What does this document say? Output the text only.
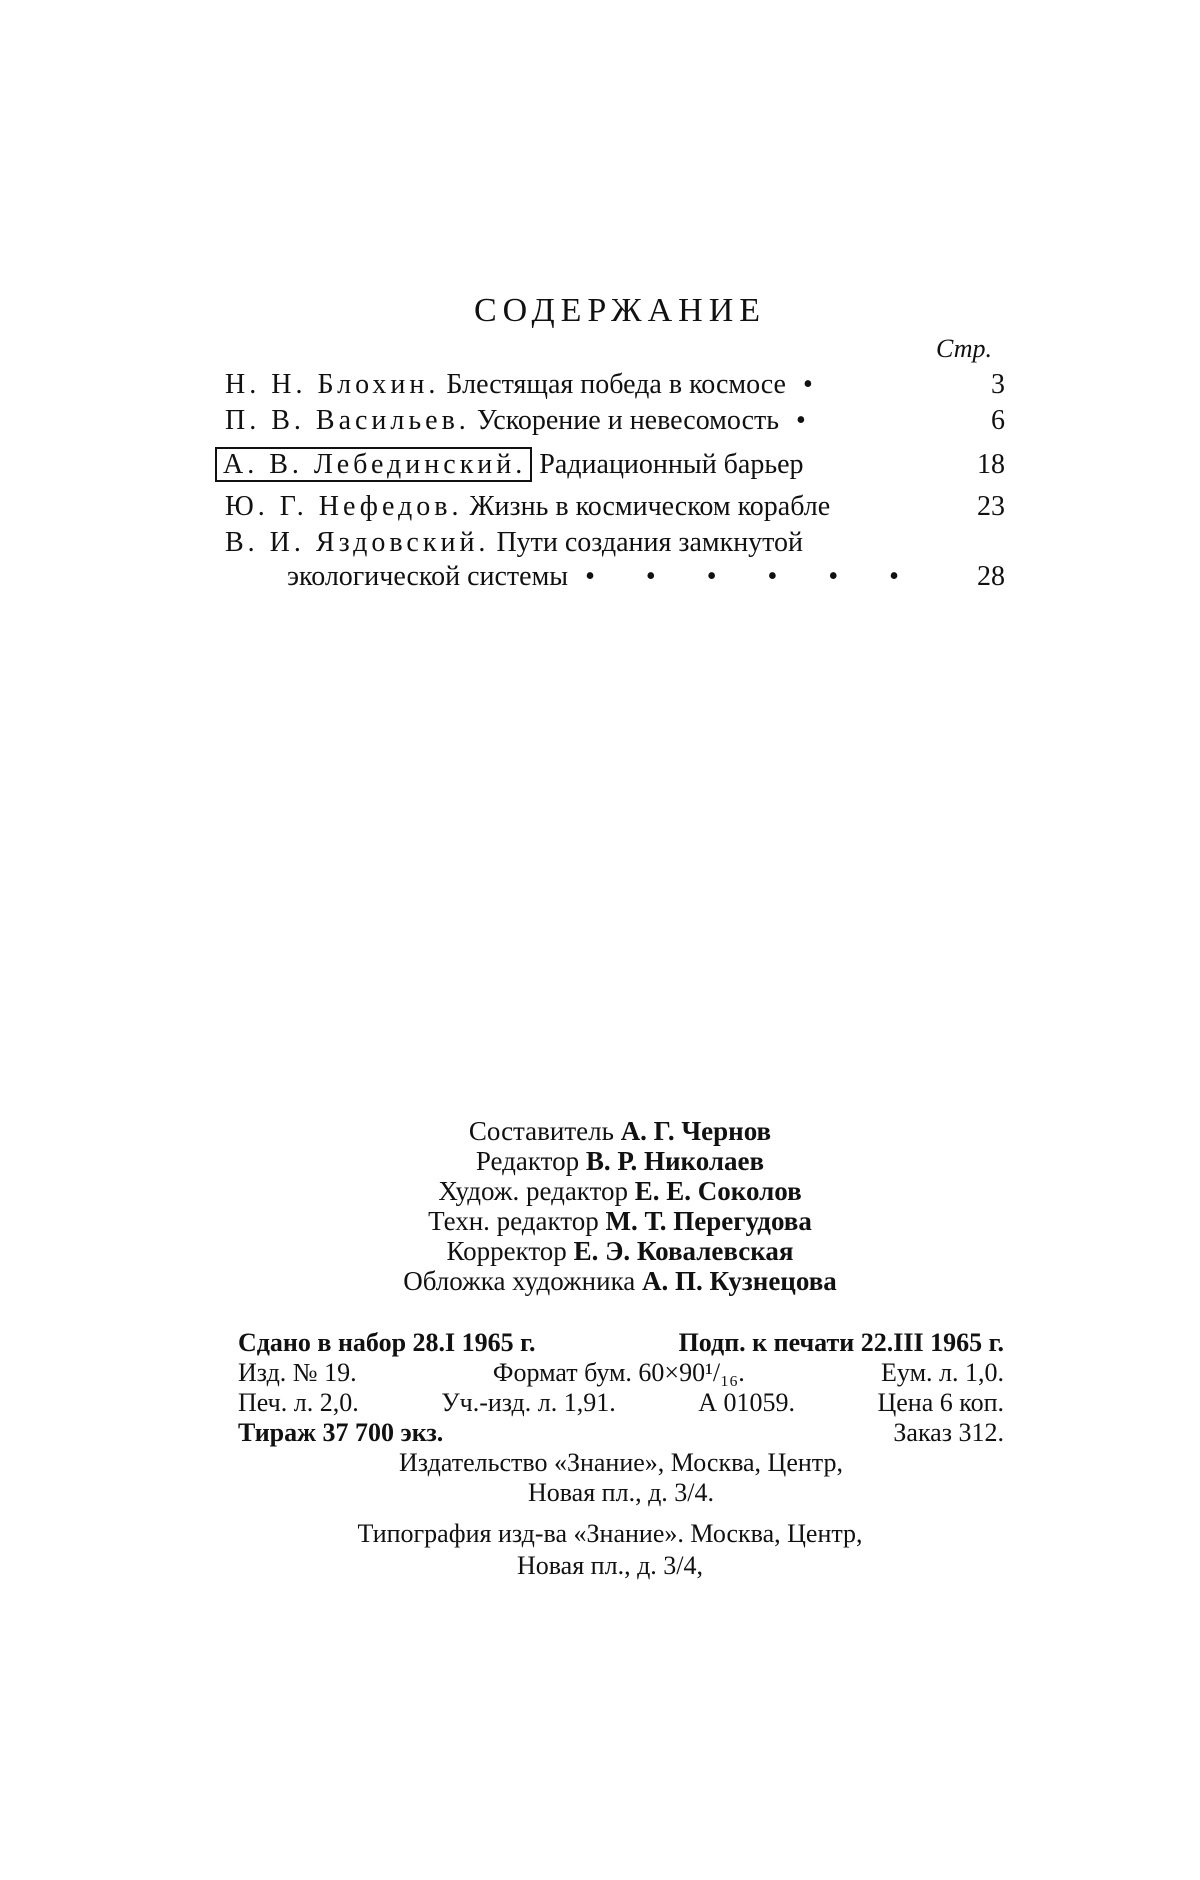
СОДЕРЖАНИЕ
Стр.
Н. Н. Блохин. Блестящая победа в космосе •	3
П. В. Васильев. Ускорение и невесомость •	6
А. В. Лебединский. Радиационный барьер	18
Ю. Г. Нефедов. Жизнь в космическом корабле	23
В. И. Яздовский. Пути создания замкнутой
экологической системы • • • • • •	28
Составитель А. Г. Чернов
Редактор В. Р. Николаев
Худож. редактор Е. Е. Соколов
Техн. редактор М. Т. Перегудова
Корректор Е. Э. Ковалевская
Обложка художника А. П. Кузнецова
Сдано в набор 28.I 1965 г.	Подп. к печати 22.III 1965 г.
Изд. № 19.	Формат бум. 60×90¹/₁₆.	Еум. л. 1,0.
Печ. л. 2,0.	Уч.-изд. л. 1,91.	А 01059.	Цена 6 коп.
Тираж 37 700 экз.	Заказ 312.
Издательство «Знание», Москва, Центр,
Новая пл., д. 3/4.
Типография изд-ва «Знание». Москва, Центр,
Новая пл., д. 3/4,
